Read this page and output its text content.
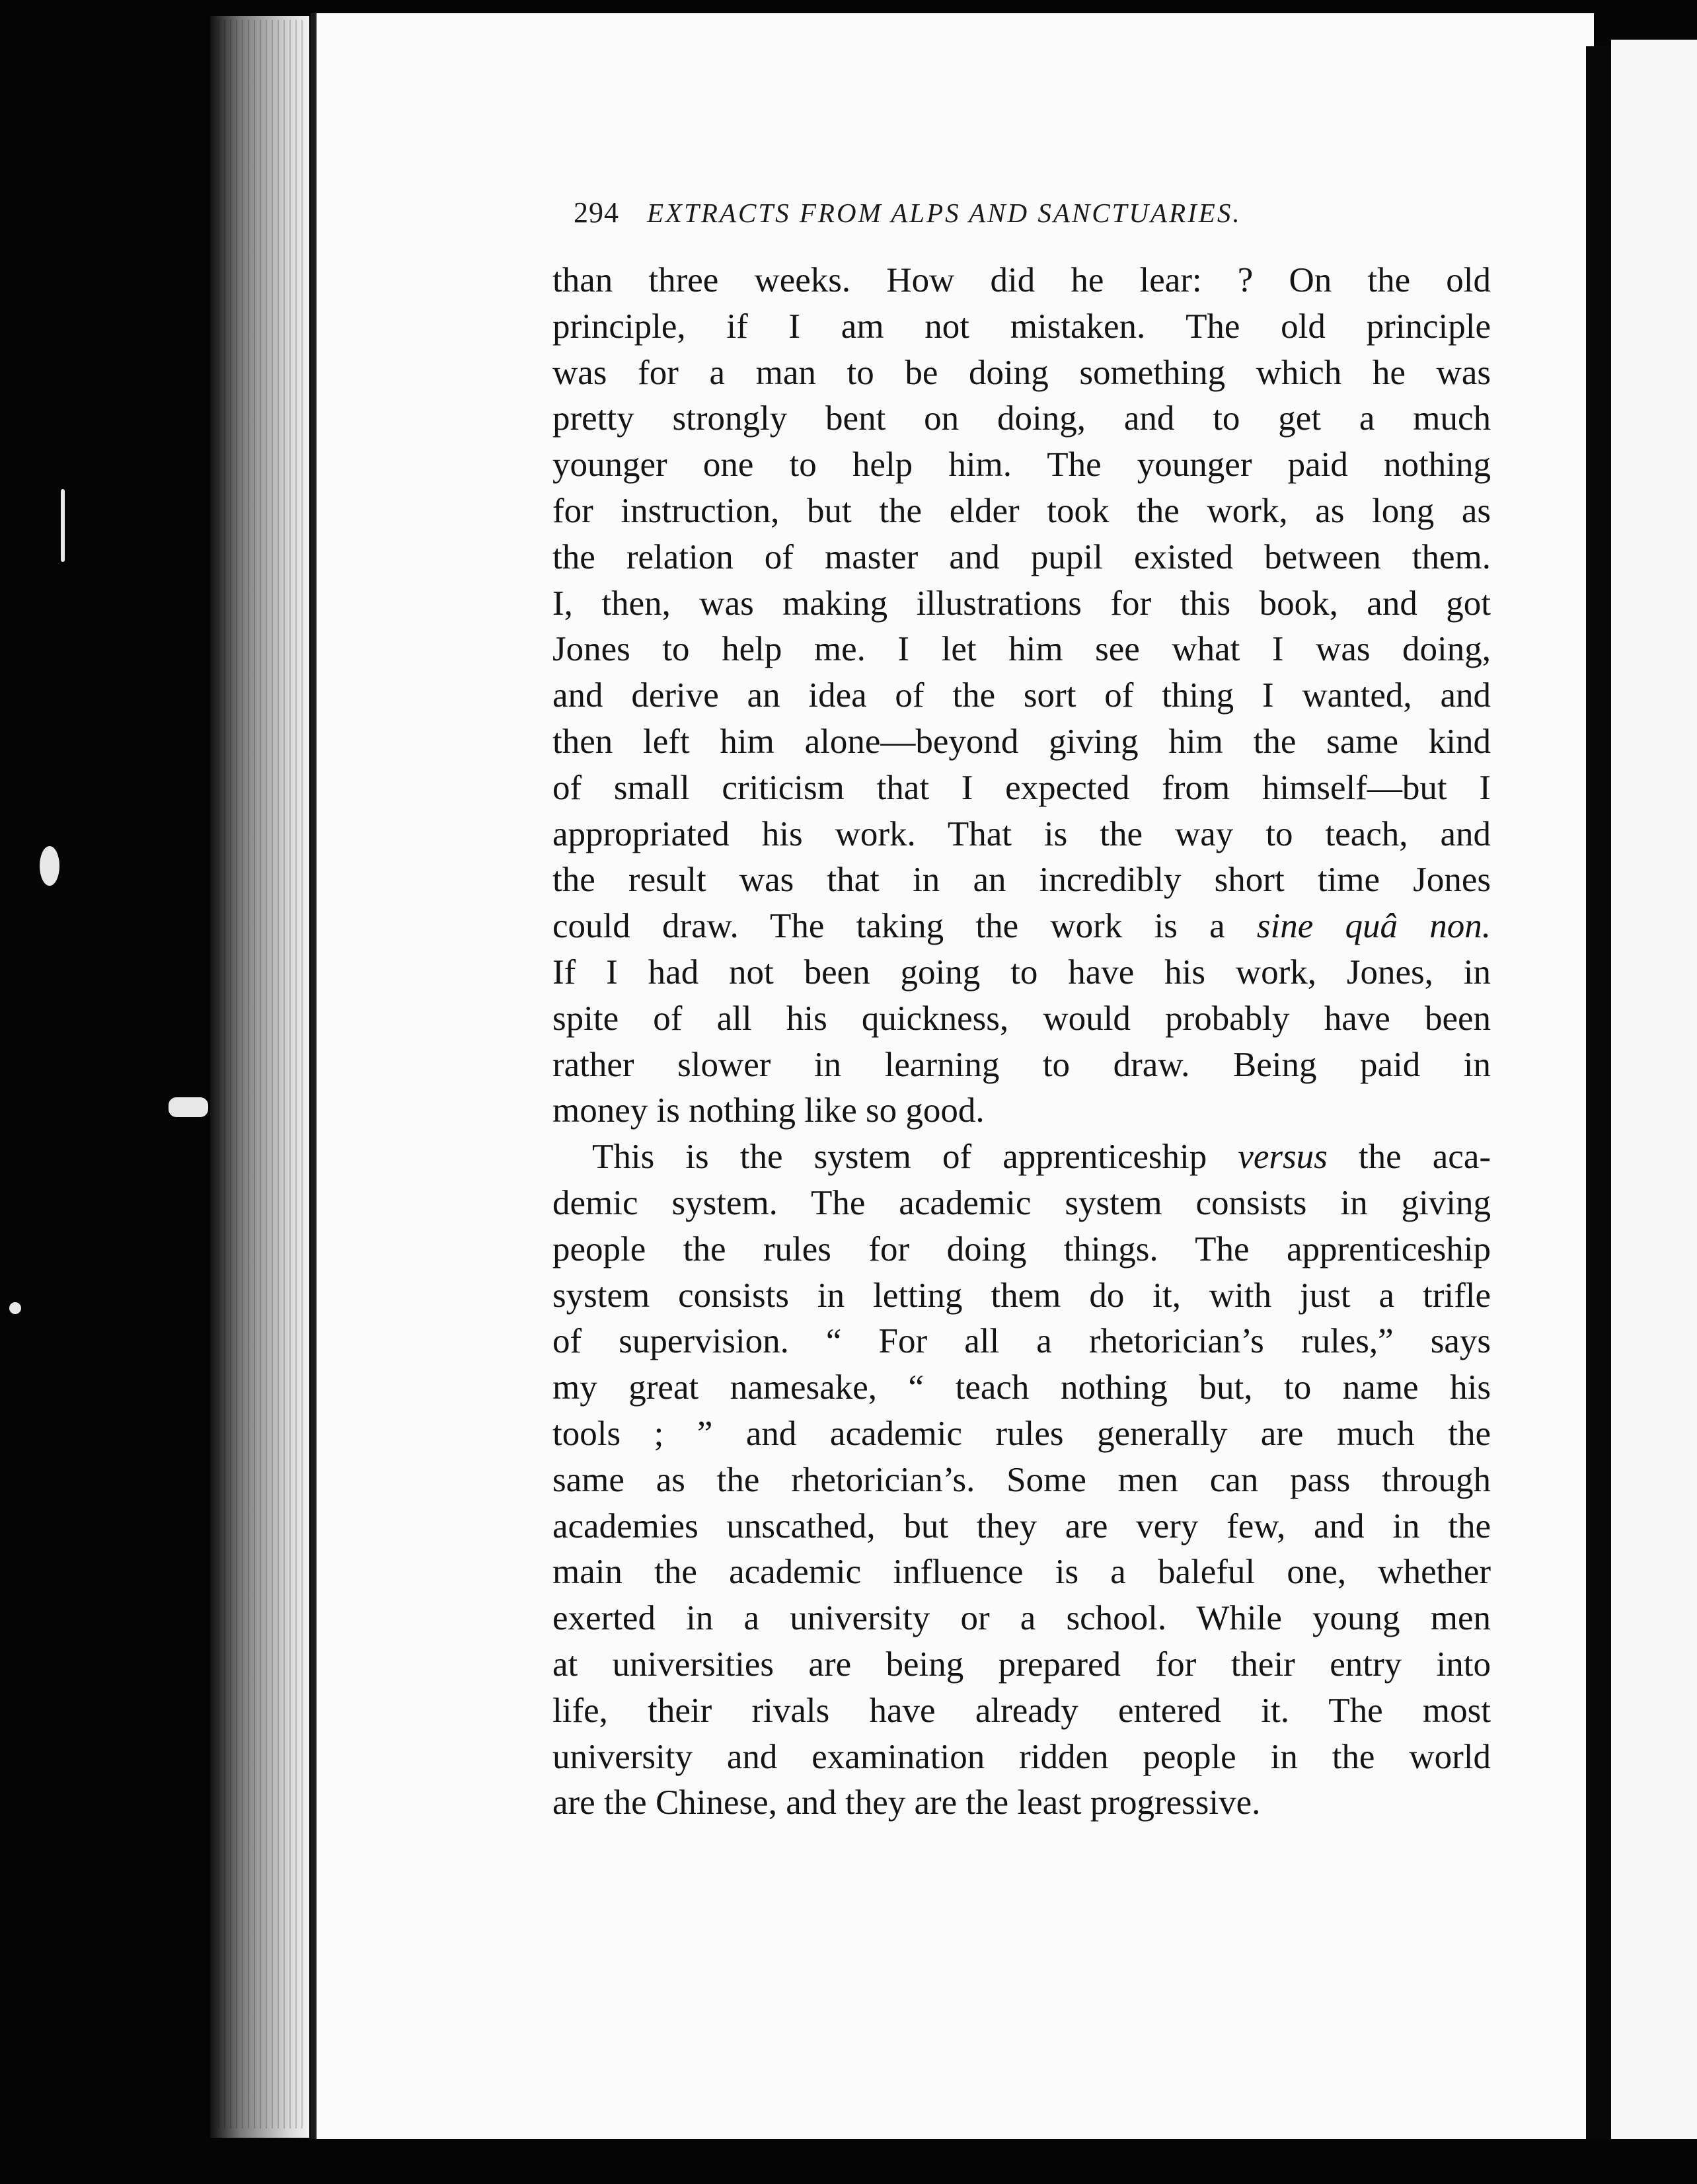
294 EXTRACTS FROM ALPS AND SANCTUARIES.
than three weeks. How did he lear: ? On the old
principle, if I am not mistaken. The old principle
was for a man to be doing something which he was
pretty strongly bent on doing, and to get a much
younger one to help him. The younger paid nothing
for instruction, but the elder took the work, as long as
the relation of master and pupil existed between them.
I, then, was making illustrations for this book, and got
Jones to help me. I let him see what I was doing,
and derive an idea of the sort of thing I wanted, and
then left him alone—beyond giving him the same kind
of small criticism that I expected from himself—but I
appropriated his work. That is the way to teach, and
the result was that in an incredibly short time Jones
could draw. The taking the work is a sine quâ non.
If I had not been going to have his work, Jones, in
spite of all his quickness, would probably have been
rather slower in learning to draw. Being paid in
money is nothing like so good.
This is the system of apprenticeship versus the aca-
demic system. The academic system consists in giving
people the rules for doing things. The apprenticeship
system consists in letting them do it, with just a trifle
of supervision. “ For all a rhetorician’s rules,” says
my great namesake, “ teach nothing but, to name his
tools ; ” and academic rules generally are much the
same as the rhetorician’s. Some men can pass through
academies unscathed, but they are very few, and in the
main the academic influence is a baleful one, whether
exerted in a university or a school. While young men
at universities are being prepared for their entry into
life, their rivals have already entered it. The most
university and examination ridden people in the world
are the Chinese, and they are the least progressive.
